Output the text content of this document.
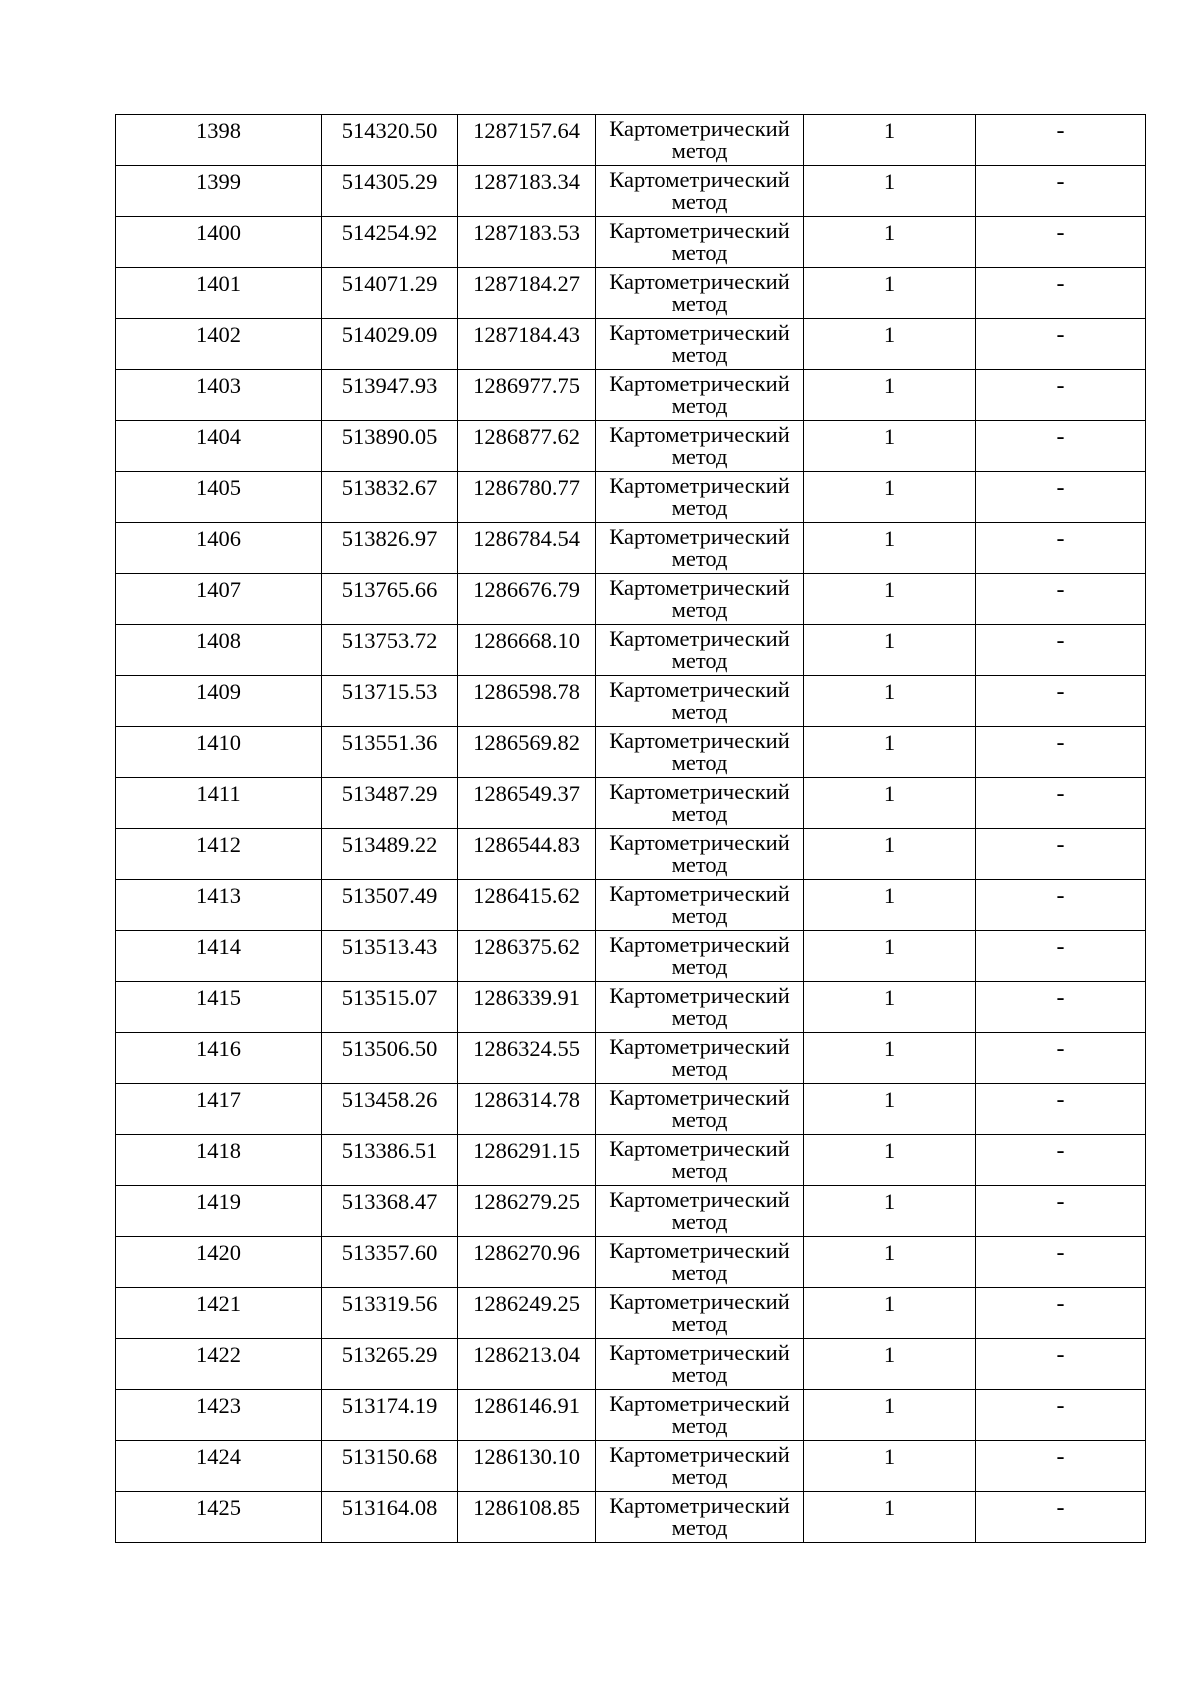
1398	514320.50	1287157.64	Картометрический
метод	1	-

1399	514305.29	1287183.34	Картометрический
метод	1	-

1400	514254.92	1287183.53	Картометрический
метод	1	-

1401	514071.29	1287184.27	Картометрический
метод	1	-

1402	514029.09	1287184.43	Картометрический
метод	1	-

1403	513947.93	1286977.75	Картометрический
метод	1	-

1404	513890.05	1286877.62	Картометрический
метод	1	-

1405	513832.67	1286780.77	Картометрический
метод	1	-

1406	513826.97	1286784.54	Картометрический
метод	1	-

1407	513765.66	1286676.79	Картометрический
метод	1	-

1408	513753.72	1286668.10	Картометрический
метод	1	-

1409	513715.53	1286598.78	Картометрический
метод	1	-

1410	513551.36	1286569.82	Картометрический
метод	1	-

1411	513487.29	1286549.37	Картометрический
метод	1	-

1412	513489.22	1286544.83	Картометрический
метод	1	-

1413	513507.49	1286415.62	Картометрический
метод	1	-

1414	513513.43	1286375.62	Картометрический
метод	1	-

1415	513515.07	1286339.91	Картометрический
метод	1	-

1416	513506.50	1286324.55	Картометрический
метод	1	-

1417	513458.26	1286314.78	Картометрический
метод	1	-

1418	513386.51	1286291.15	Картометрический
метод	1	-

1419	513368.47	1286279.25	Картометрический
метод	1	-

1420	513357.60	1286270.96	Картометрический
метод	1	-

1421	513319.56	1286249.25	Картометрический
метод	1	-

1422	513265.29	1286213.04	Картометрический
метод	1	-

1423	513174.19	1286146.91	Картометрический
метод	1	-

1424	513150.68	1286130.10	Картометрический
метод	1	-

1425	513164.08	1286108.85	Картометрический
метод	1	-
